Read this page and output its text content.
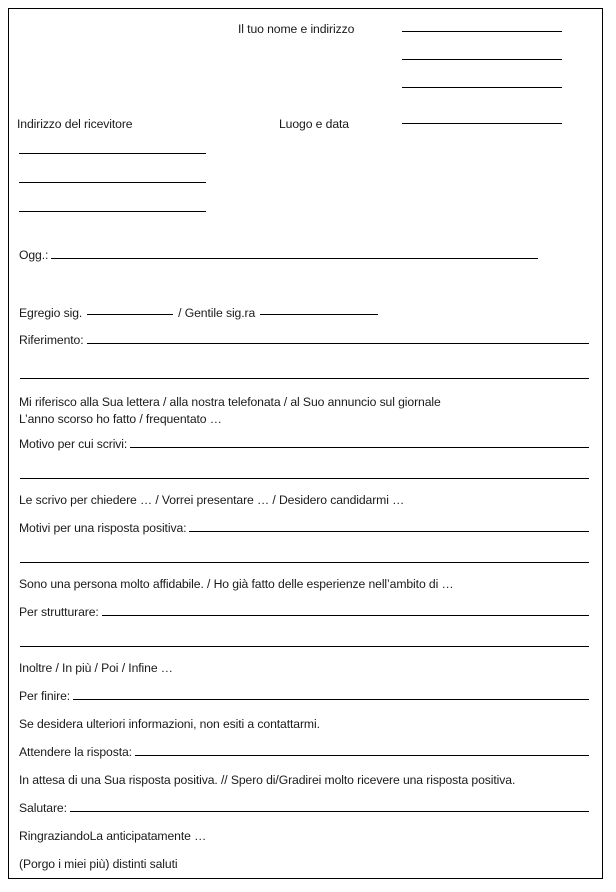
Il tuo nome e indirizzo
Indirizzo del ricevitore	Luogo e data
Ogg.:
Egregio sig.	/ Gentile sig.ra
Riferimento:
Mi riferisco alla Sua lettera / alla nostra telefonata / al Suo annuncio sul giornale
L’anno scorso ho fatto / frequentato …
Motivo per cui scrivi:
Le scrivo per chiedere … / Vorrei presentare … / Desidero candidarmi …
Motivi per una risposta positiva:
Sono una persona molto affidabile. / Ho già fatto delle esperienze nell’ambito di …
Per strutturare:
Inoltre / In più / Poi / Infine …
Per finire:
Se desidera ulteriori informazioni, non esiti a contattarmi.
Attendere la risposta:
In attesa di una Sua risposta positiva. // Spero di/Gradirei molto ricevere una risposta positiva.
Salutare:
RingraziandoLa anticipatamente …
(Porgo i miei più) distinti saluti
